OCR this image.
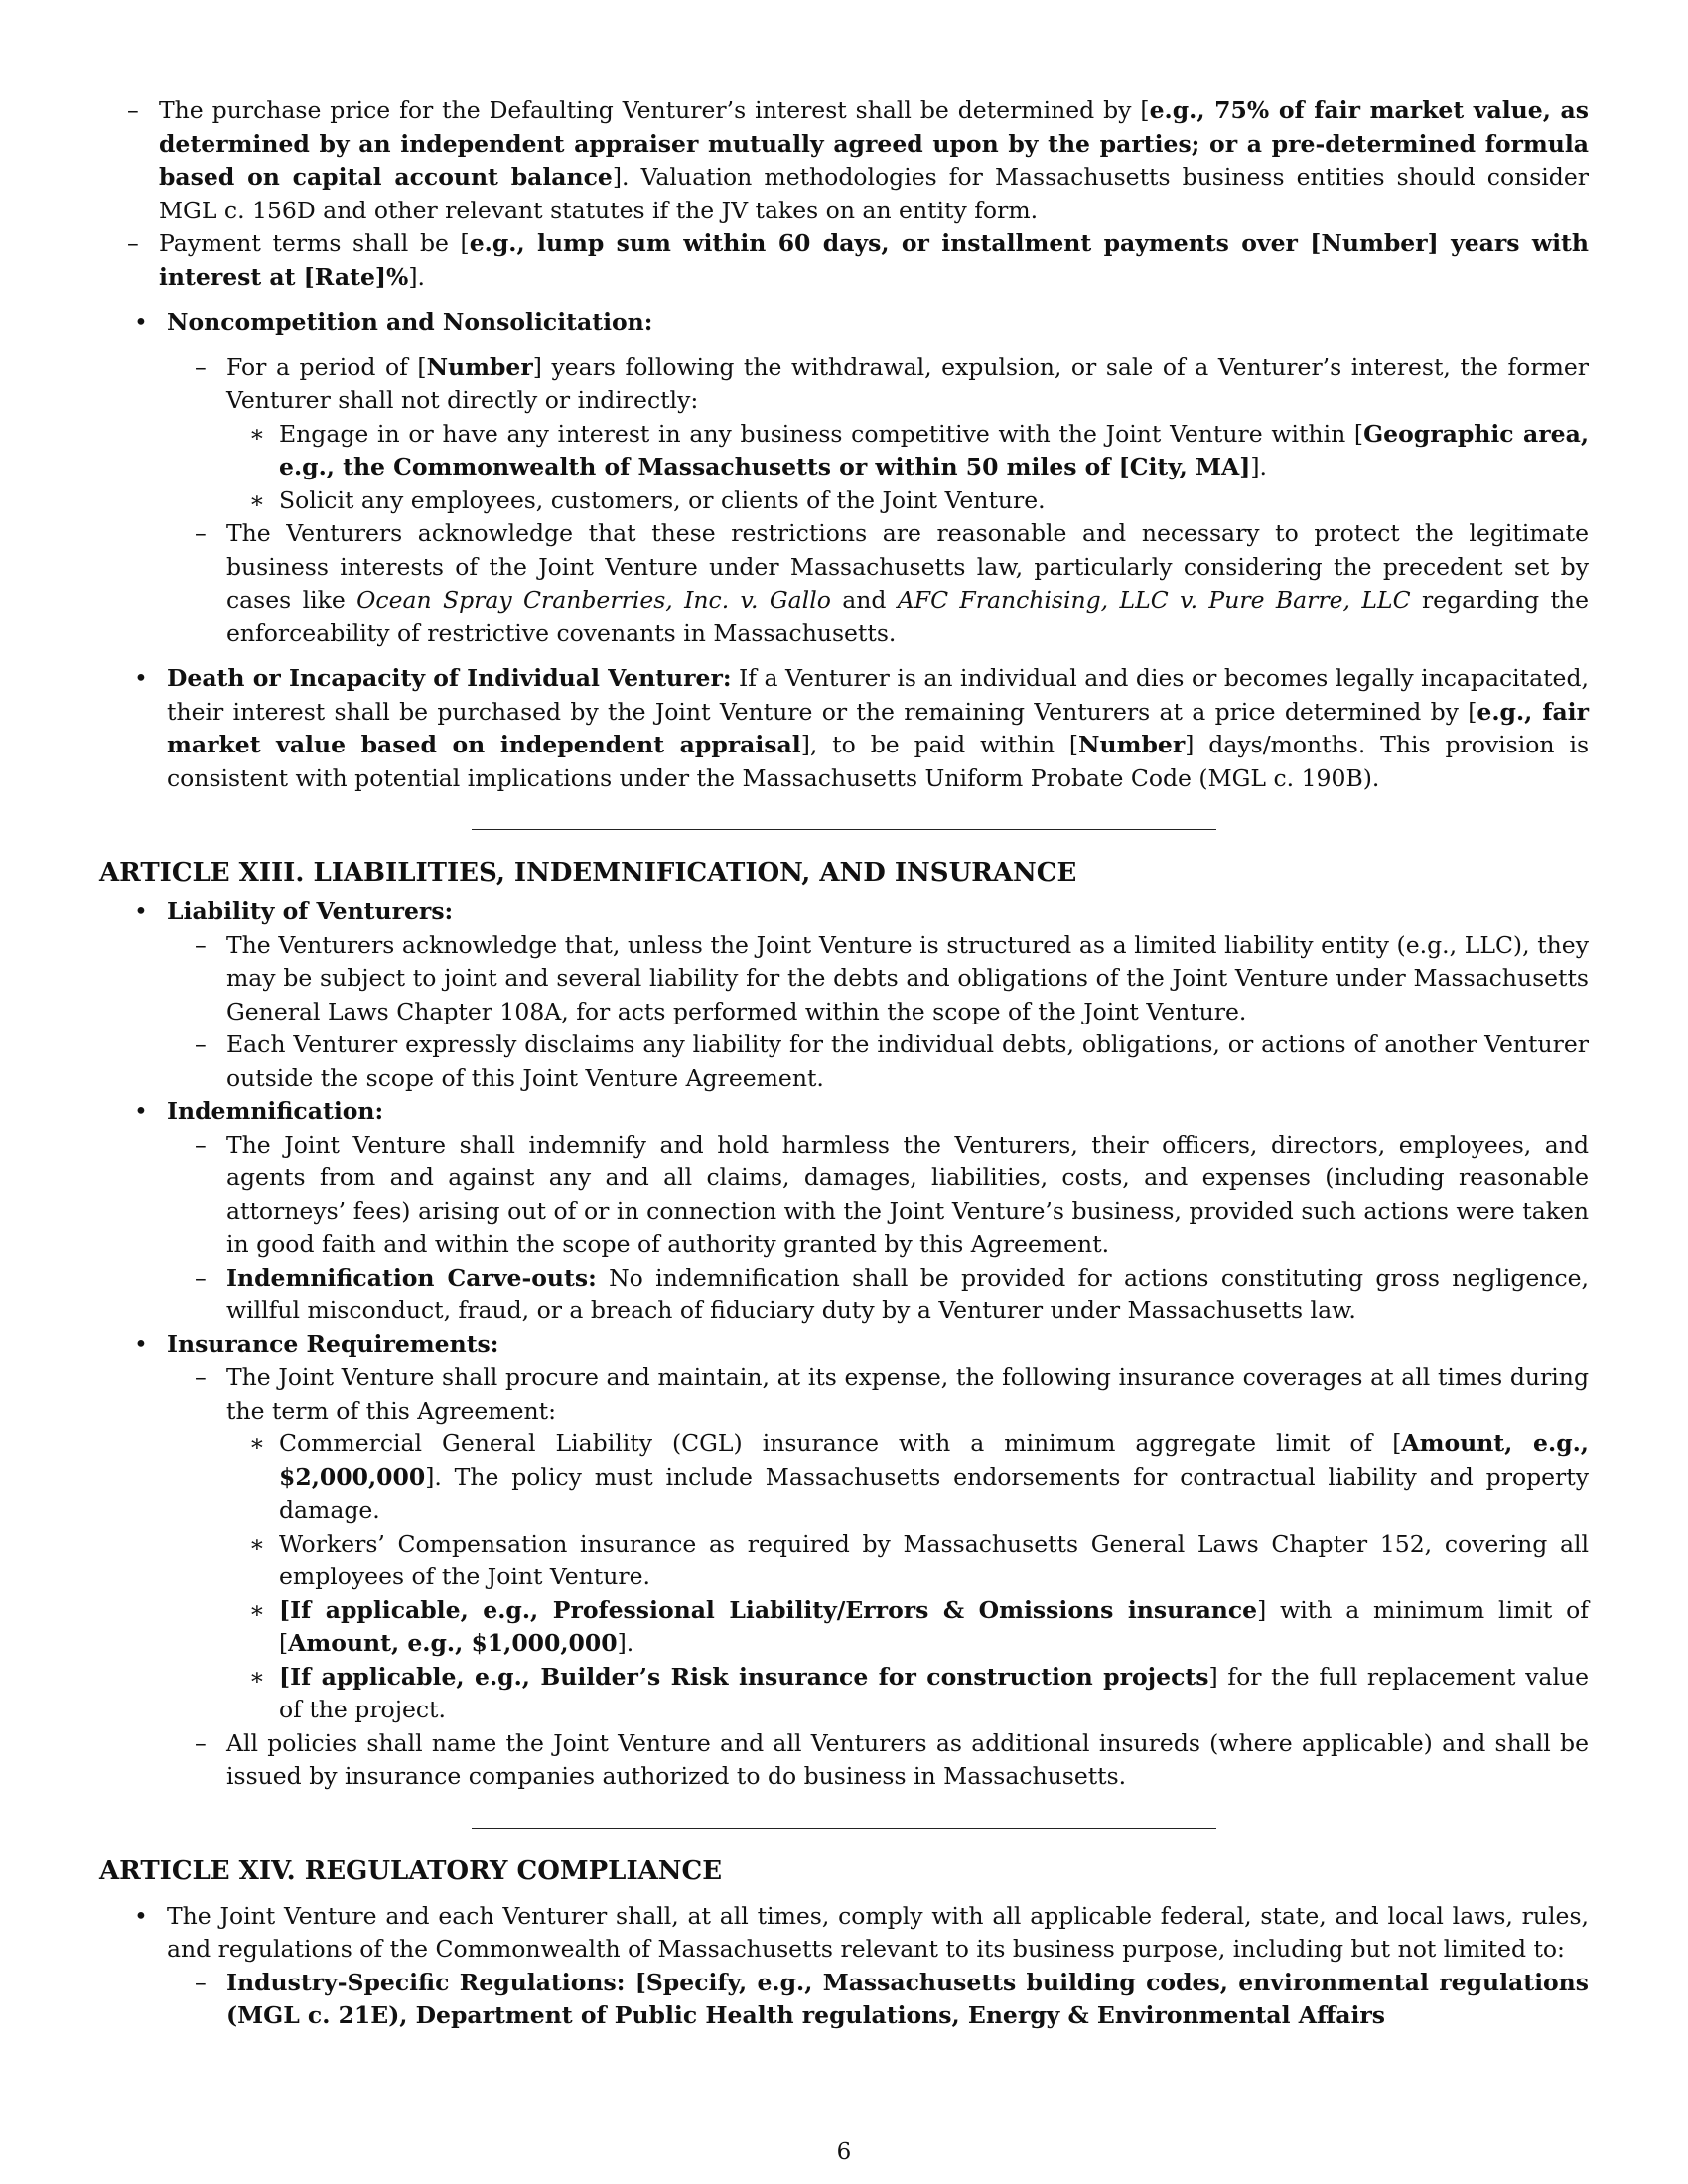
– The purchase price for the Defaulting Venturer’s interest shall be determined by [e.g., 75% of fair market value, as determined by an independent appraiser mutually agreed upon by the parties; or a pre-determined formula based on capital account balance]. Valuation methodologies for Massachusetts business entities should consider MGL c. 156D and other relevant statutes if the JV takes on an entity form.
– Payment terms shall be [e.g., lump sum within 60 days, or installment payments over [Number] years with interest at [Rate]%].
• Noncompetition and Nonsolicitation:
– For a period of [Number] years following the withdrawal, expulsion, or sale of a Venturer’s interest, the former Venturer shall not directly or indirectly:
∗ Engage in or have any interest in any business competitive with the Joint Venture within [Geographic area, e.g., the Commonwealth of Massachusetts or within 50 miles of [City, MA]].
∗ Solicit any employees, customers, or clients of the Joint Venture.
– The Venturers acknowledge that these restrictions are reasonable and necessary to protect the legitimate business interests of the Joint Venture under Massachusetts law, particularly considering the precedent set by cases like Ocean Spray Cranberries, Inc. v. Gallo and AFC Franchising, LLC v. Pure Barre, LLC regarding the enforceability of restrictive covenants in Massachusetts.
• Death or Incapacity of Individual Venturer: If a Venturer is an individual and dies or becomes legally incapacitated, their interest shall be purchased by the Joint Venture or the remaining Venturers at a price determined by [e.g., fair market value based on independent appraisal], to be paid within [Number] days/months. This provision is consistent with potential implications under the Massachusetts Uniform Probate Code (MGL c. 190B).
ARTICLE XIII. LIABILITIES, INDEMNIFICATION, AND INSURANCE
• Liability of Venturers:
– The Venturers acknowledge that, unless the Joint Venture is structured as a limited liability entity (e.g., LLC), they may be subject to joint and several liability for the debts and obligations of the Joint Venture under Massachusetts General Laws Chapter 108A, for acts performed within the scope of the Joint Venture.
– Each Venturer expressly disclaims any liability for the individual debts, obligations, or actions of another Venturer outside the scope of this Joint Venture Agreement.
• Indemnification:
– The Joint Venture shall indemnify and hold harmless the Venturers, their officers, directors, employees, and agents from and against any and all claims, damages, liabilities, costs, and expenses (including reasonable attorneys’ fees) arising out of or in connection with the Joint Venture’s business, provided such actions were taken in good faith and within the scope of authority granted by this Agreement.
– Indemnification Carve-outs: No indemnification shall be provided for actions constituting gross negligence, willful misconduct, fraud, or a breach of fiduciary duty by a Venturer under Massachusetts law.
• Insurance Requirements:
– The Joint Venture shall procure and maintain, at its expense, the following insurance coverages at all times during the term of this Agreement:
∗ Commercial General Liability (CGL) insurance with a minimum aggregate limit of [Amount, e.g., $2,000,000]. The policy must include Massachusetts endorsements for contractual liability and property damage.
∗ Workers’ Compensation insurance as required by Massachusetts General Laws Chapter 152, covering all employees of the Joint Venture.
∗ [If applicable, e.g., Professional Liability/Errors & Omissions insurance] with a minimum limit of [Amount, e.g., $1,000,000].
∗ [If applicable, e.g., Builder’s Risk insurance for construction projects] for the full replacement value of the project.
– All policies shall name the Joint Venture and all Venturers as additional insureds (where applicable) and shall be issued by insurance companies authorized to do business in Massachusetts.
ARTICLE XIV. REGULATORY COMPLIANCE
• The Joint Venture and each Venturer shall, at all times, comply with all applicable federal, state, and local laws, rules, and regulations of the Commonwealth of Massachusetts relevant to its business purpose, including but not limited to:
– Industry-Specific Regulations: [Specify, e.g., Massachusetts building codes, environmental regulations (MGL c. 21E), Department of Public Health regulations, Energy & Environmental Affairs
6
